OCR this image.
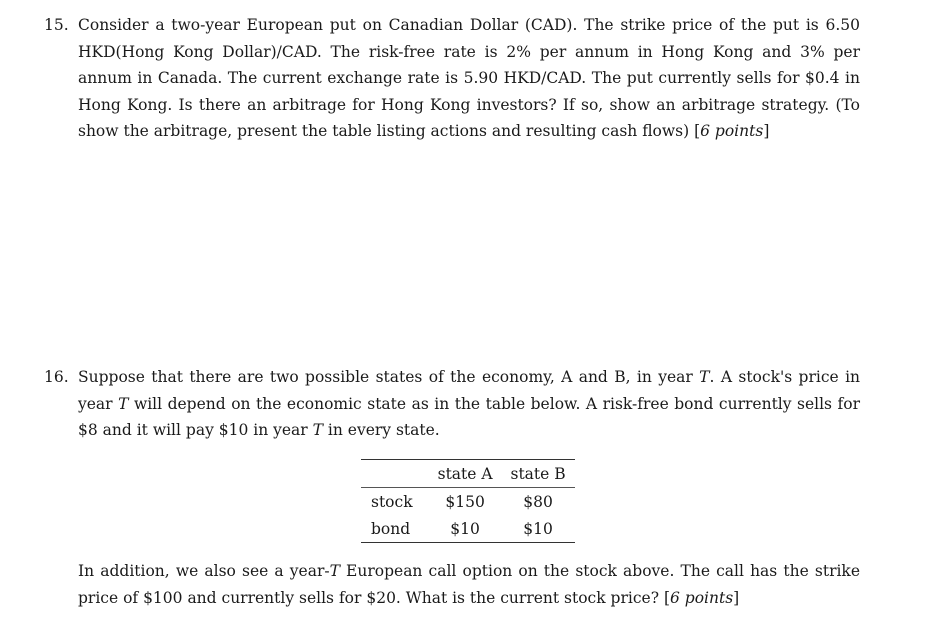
15. Consider a two-year European put on Canadian Dollar (CAD). The strike price of the put is 6.50 HKD(Hong Kong Dollar)/CAD. The risk-free rate is 2% per annum in Hong Kong and 3% per annum in Canada. The current exchange rate is 5.90 HKD/CAD. The put currently sells for $0.4 in Hong Kong. Is there an arbitrage for Hong Kong investors? If so, show an arbitrage strategy. (To show the arbitrage, present the table listing actions and resulting cash flows) [6 points]
16. Suppose that there are two possible states of the economy, A and B, in year T. A stock's price in year T will depend on the economic state as in the table below. A risk-free bond currently sells for $8 and it will pay $10 in year T in every state.
	state A	state B
stock	$150	$80
bond	$10	$10
In addition, we also see a year-T European call option on the stock above. The call has the strike price of $100 and currently sells for $20. What is the current stock price? [6 points]
